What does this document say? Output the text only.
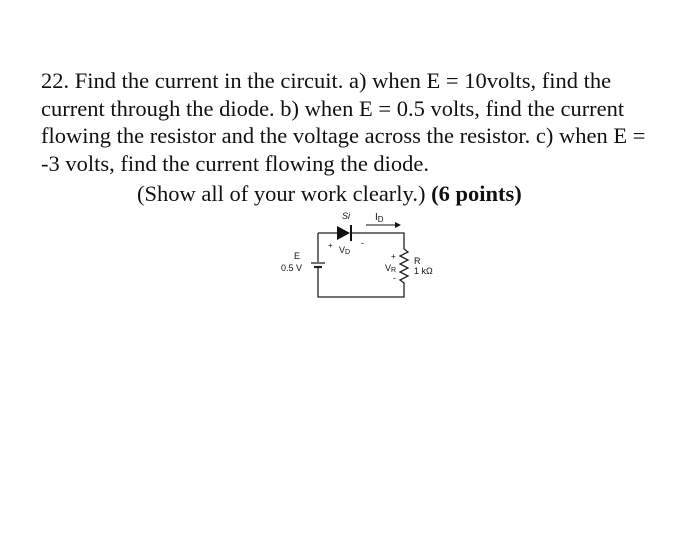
22. Find the current in the circuit. a) when E = 10volts, find the

current through the diode. b) when E = 0.5 volts, find the current

flowing the resistor and the voltage across the resistor. c) when E =

-3 volts, find the current flowing the diode.

(Show all of your work clearly.) (6 points)
Si $I_D$
+ VD
-
E
0.5 V
+
VR
-
R
1 kΩ
